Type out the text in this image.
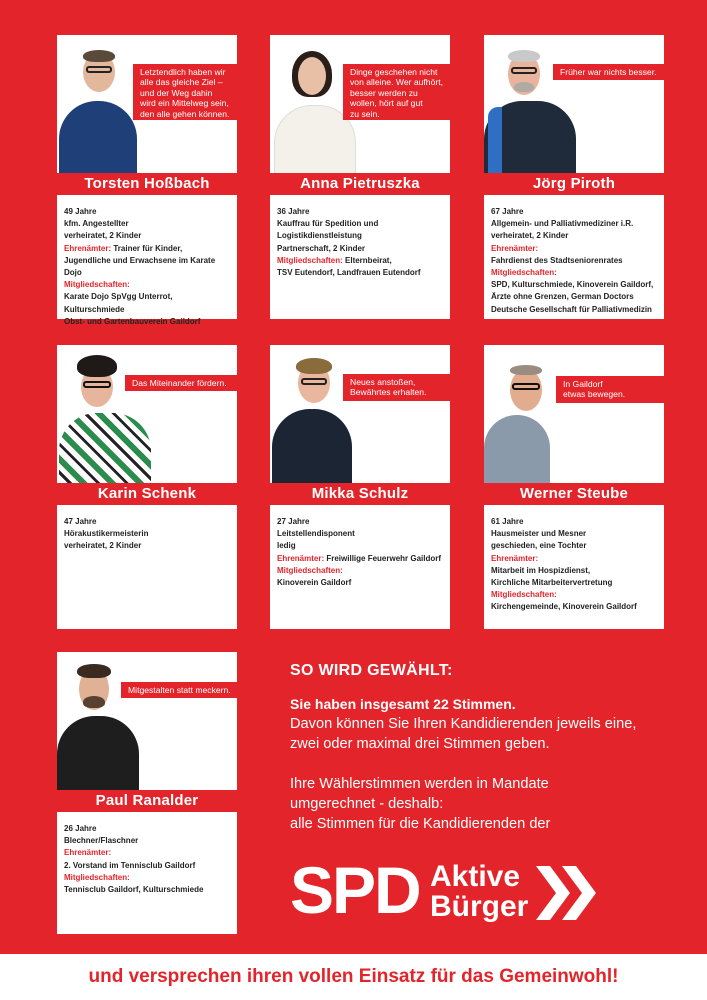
Letztendlich haben wir
alle das gleiche Ziel –
und der Weg dahin
wird ein Mittelweg sein,
den alle gehen können.
Torsten Hoßbach
49 Jahre
kfm. Angestellter
verheiratet, 2 Kinder
Ehrenämter: Trainer für Kinder,
Jugendliche und Erwachsene im Karate Dojo
Mitgliedschaften:
Karate Dojo SpVgg Unterrot, Kulturschmiede
Obst- und Gartenbauverein Gaildorf
Dinge geschehen nicht
von alleine. Wer aufhört,
besser werden zu
wollen, hört auf gut
zu sein.
Anna Pietruszka
36 Jahre
Kauffrau für Spedition und
Logistikdienstleistung
Partnerschaft, 2 Kinder
Mitgliedschaften: Elternbeirat,
TSV Eutendorf, Landfrauen Eutendorf
Früher war nichts besser.
Jörg Piroth
67 Jahre
Allgemein- und Palliativmediziner i.R.
verheiratet, 2 Kinder
Ehrenämter:
Fahrdienst des Stadtseniorenrates
Mitgliedschaften:
SPD, Kulturschmiede, Kinoverein Gaildorf,
Ärzte ohne Grenzen, German Doctors
Deutsche Gesellschaft für Palliativmedizin
Das Miteinander fördern.
Karin Schenk
47 Jahre
Hörakustikermeisterin
verheiratet, 2 Kinder
Neues anstoßen,
Bewährtes erhalten.
Mikka Schulz
27 Jahre
Leitstellendisponent
ledig
Ehrenämter: Freiwillige Feuerwehr Gaildorf
Mitgliedschaften:
Kinoverein Gaildorf
In Gaildorf
etwas bewegen.
Werner Steube
61 Jahre
Hausmeister und Mesner
geschieden, eine Tochter
Ehrenämter:
Mitarbeit im Hospizdienst,
Kirchliche Mitarbeitervertretung
Mitgliedschaften:
Kirchengemeinde, Kinoverein Gaildorf
Mitgestalten statt meckern.
Paul Ranalder
26 Jahre
Blechner/Flaschner
Ehrenämter:
2. Vorstand im Tennisclub Gaildorf
Mitgliedschaften:
Tennisclub Gaildorf, Kulturschmiede
SO WIRD GEWÄHLT:
Sie haben insgesamt 22 Stimmen.
Davon können Sie Ihren Kandidierenden jeweils eine,
zwei oder maximal drei Stimmen geben.
Ihre Wählerstimmen werden in Mandate
umgerechnet - deshalb:
alle Stimmen für die Kandidierenden der
SPD Aktive
Bürger
und versprechen ihren vollen Einsatz für das Gemeinwohl!
